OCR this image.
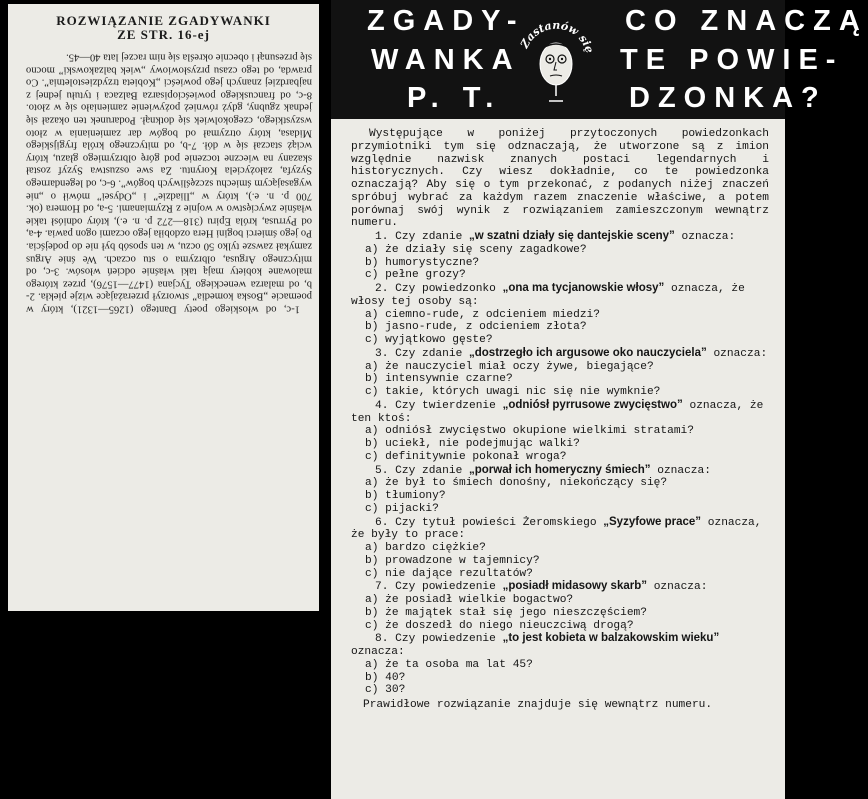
ROZWIĄZANIE ZGADYWANKI
ZE STR. 16-ej

1-c, od włoskiego poety Dantego (1265—1321), który w poemacie „Boska komedia” stworzył przerażające wizje piekła. 2-b, od malarza weneckiego Tycjana (1477—1576), przez którego malowane kobiety mają taki właśnie odcień włosów. 3-c, od mitycznego Argusa, olbrzyma o stu oczach. We śnie Argus zamykał zawsze tylko 50 oczu, w ten sposób był nie do podejścia. Po jego śmierci bogini Hera ozdobiła jego oczami ogon pawia. 4-a, od Pyrrusa, króla Epiru (318—272 p. n. e.), który odniósł takie właśnie zwycięstwo w wojnie z Rzymianami. 5-a, od Homera (ok. 700 p. n. e.), który w „Iliadzie” i „Odysei” mówił o „nie wygasającym śmiechu szczęśliwych bogów”. 6-c, od legendarnego Syzyfa, założyciela Koryntu. Za swe oszustwa Syzyf został skazany na wieczne toczenie pod górę olbrzymiego głazu, który wciąż staczał się w dół. 7-b, od mitycznego króla frygijskiego Midasa, który otrzymał od bogów dar zamieniania w złoto wszystkiego, czegokolwiek się dotknął. Podarunek ten okazał się jednak zgubny, gdyż również pożywienie zamieniało się w złoto. 8-c, od francuskiego powieściopisarza Balzaca i tytułu jednej z najbardziej znanych jego powieści „Kobieta trzydziestoletnia”. Co prawda, od tego czasu przysłowiowy „wiek balzakowski” mocno się przesunął i obecnie określa się nim raczej lata 40—45.

ZGADY-
WANKA
P. T.
CO ZNACZĄ
TE POWIE-
DZONKA?
Zastanów się

Występujące w poniżej przytoczonych powiedzonkach przymiotniki tym się odznaczają, że utworzone są z imion względnie nazwisk znanych postaci legendarnych i historycznych. Czy wiesz dokładnie, co te powiedzonka oznaczają? Aby się o tym przekonać, z podanych niżej znaczeń spróbuj wybrać za każdym razem znaczenie właściwe, a potem porównaj swój wynik z rozwiązaniem zamieszczonym wewnątrz numeru.

1. Czy zdanie „w szatni działy się dantejskie sceny” oznacza:

a) że działy się sceny zagadkowe?

b) humorystyczne?

c) pełne grozy?

2. Czy powiedzonko „ona ma tycjanowskie włosy” oznacza, że włosy tej osoby są:

a) ciemno-rude, z odcieniem miedzi?

b) jasno-rude, z odcieniem złota?

c) wyjątkowo gęste?

3. Czy zdanie „dostrzegło ich argusowe oko nauczyciela” oznacza:

a) że nauczyciel miał oczy żywe, biegające?

b) intensywnie czarne?

c) takie, których uwagi nic się nie wymknie?

4. Czy twierdzenie „odniósł pyrrusowe zwycięstwo” oznacza, że ten ktoś:

a) odniósł zwycięstwo okupione wielkimi stratami?

b) uciekł, nie podejmując walki?

c) definitywnie pokonał wroga?

5. Czy zdanie „porwał ich homeryczny śmiech” oznacza:

a) że był to śmiech donośny, niekończący się?

b) tłumiony?

c) pijacki?

6. Czy tytuł powieści Żeromskiego „Syzyfowe prace” oznacza, że były to prace:

a) bardzo ciężkie?

b) prowadzone w tajemnicy?

c) nie dające rezultatów?

7. Czy powiedzenie „posiadł midasowy skarb” oznacza:

a) że posiadł wielkie bogactwo?

b) że majątek stał się jego nieszczęściem?

c) że doszedł do niego nieuczciwą drogą?

8. Czy powiedzenie „to jest kobieta w balzakowskim wieku” oznacza:

a) że ta osoba ma lat 45?

b) 40?

c) 30?

Prawidłowe rozwiązanie znajduje się wewnątrz numeru.
